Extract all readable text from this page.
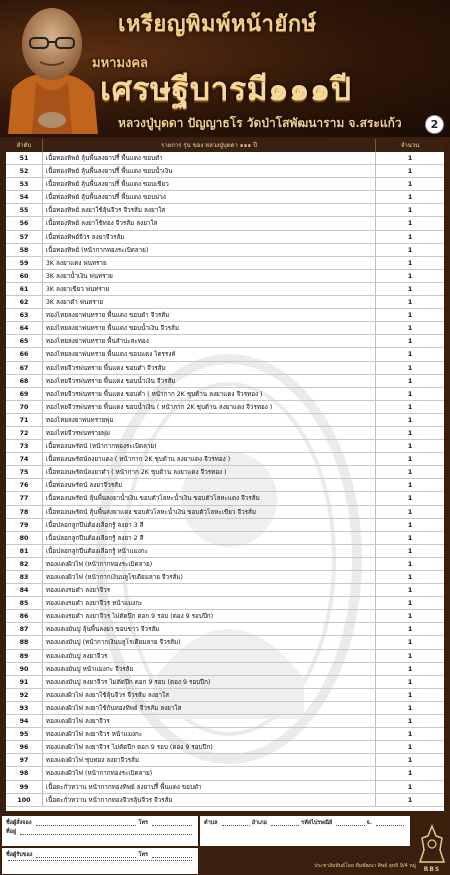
เหรียญพิมพ์หน้ายักษ์
มหามงคล
เศรษฐีบารมี๑๑๑ปี
หลวงปู่บุดดา ปัญญาธโร วัดป่าโสพัฒนาราม จ.สระแก้ว	2
ลำดับ	รายการ รุ่น ของ หลวงปู่บุดดา ๑๑๑ ปี	จำนวน
51	เนื้อทองทิพย์ ลุ้นพื้นลงยาปรี้ พื้นแดง ขอบดำ	1
52	เนื้อทองทิพย์ ลุ้นพื้นลงยาปรี้ พื้นแดง ขอบน้ำเงิน	1
53	เนื้อทองทิพย์ ลุ้นพื้นลงยาปรี้ พื้นแดง ขอบเขียว	1
54	เนื้อทองทิพย์ ลุ้นพื้นลงยาปรี้ พื้นแดง ขอบม่วง	1
55	เนื้อทองทิพย์ ลงยาใช้ลุ้นจีวร จีวรส้ม ลงยาใส	1
56	เนื้อทองทิพย์ ลงยาใช้ทอง จีวรส้ม ลงยาใส	1
57	เนื้อทองทิพย์จีวร ลงยาจีวรส้ม	1
58	เนื้อทองทิพย์ (หน้ากากทองระเบิดลาย)	1
59	3K ลงยาแดง พ่นทราย	1
60	3K ลงยาน้ำเงิน พ่นทราย	1
61	3K ลงยาเขียว พ่นทราย	1
62	3K ลงยาดำ พ่นทราย	1
63	ทองไทยลงยาพ่นทราย พื้นแดง ขอบดำ จีวรส้ม	1
64	ทองไทยลงยาพ่นทราย พื้นแดง ขอบน้ำเงิน จีวรส้ม	1
65	ทองไทยลงยาพ่นทราย พื้นลำปะสะทอง	1
66	ทองไทยลงยาพ่นทราย พื้นแดง ขอบแดง ไตรรงค์	1
67	ทองไทยจีวรพ่นทราย พื้นแดง ขอบดำ จีวรส้ม	1
68	ทองไทยจีวรพ่นทราย พื้นแดง ขอบน้ำเงิน จีวรส้ม	1
69	ทองไทยจีวรพ่นทราย พื้นแดง ขอบดำ ( หน้ากาก 2K ชุบด้าน ลงยาแดง จีวรทอง )	1
70	ทองไทยจีวรพ่นทราย พื้นแดง ขอบน้ำเงิน ( หน้ากาก 2K ชุบด้าน ลงยาแดง จีวรทอง )	1
71	ทองไทยลงยาพ่นทรายพุ่ม	1
72	ทองไทยจีวรพ่นทรายพุ่ม	1
73	เนื้อทองนพรัตน์ (หน้ากากทองระเบิดลาย)	1
74	เนื้อทองนพรัตน์ลงยาแดง ( หน้ากาก 2K ชุบด้าน ลงยาแดง จีวรทอง )	1
75	เนื้อทองนพรัตน์ลงยาดำ ( หน้ากาก 2K ชุบด้าน ลงยาแดง จีวรทอง )	1
76	เนื้อทองนพรัตน์ ลงยาจีวรส้ม	1
77	เนื้อทองนพรัตน์ ลุ้นพื้นลงยาน้ำเงิน ขอบตัวโลหะน้ำเงิน ขอบตัวโลหะแดง จีวรส้ม	1
78	เนื้อทองนพรัตน์ ลุ้นพื้นลงยาแดง ขอบตัวโลหะน้ำเงิน ขอบตัวโลหะเขียว จีวรส้ม	1
79	เนื้อปลอกลูกปืนต้องเลือกรู้ ลงยา 3 สี	1
80	เนื้อปลอกลูกปืนต้องเลือกรู้ ลงยา 2 สี	1
81	เนื้อปลอกลูกปืนต้องเลือกรู้ หน้าแมงกะ	1
82	ทองแดงผิวไฟ (หน้ากากทองระเบิดลาย)	1
83	ทองแดงผิวไฟ (หน้ากากเงินบลูโรเดียมลาย จีวรส้ม)	1
84	ทองแดงรมดำ ลงยาจีวร	1
85	ทองแดงรมดำ ลงยาจีวร หน้าแมงกะ	1
86	ทองแดงรมดำ ลงยาจีวร ไม่ตัดปีก ตอก 9 รอบ (ตอง 9 รอบปีก)	1
87	ทองแดงมันปู ลุ้นพื้นลงยา ขอบขาว จีวรส้ม	1
88	ทองแดงมันปู (หน้ากากเงินบลูโรเดียมลาย จีวรส้ม)	1
89	ทองแดงมันปู ลงยาจีวร	1
90	ทองแดงมันปู หน้าแมงกะ จีวรส้ม	1
91	ทองแดงมันปู ลงยาจีวร ไม่ตัดปีก ตอก 9 รอบ (ตอง 9 รอบปีก)	1
92	ทองแดงผิวไฟ ลงยาใช้ลุ้นจีวร จีวรส้ม ลงยาใส	1
93	ทองแดงผิวไฟ ลงยาใช้ก้นทองทิพย์ จีวรส้ม ลงยาใส	1
94	ทองแดงผิวไฟ ลงยาจีวร	1
95	ทองแดงผิวไฟ ลงยาจีวร หน้าแมงกะ	1
96	ทองแดงผิวไฟ ลงยาจีวร ไม่ตัดปีก ตอก 9 รอบ (ตอง 9 รอบปีก)	1
97	ทองแดงผิวไฟ ชุบทอง ลงยาจีวรส้ม	1
98	ทองแดงผิวไฟ (หน้ากากทองระเบิดลาย)	1
99	เนื้อตะกั่วหวาน หน้ากากทองทิพย์ ลงยาปรี้ พื้นแดง ขอบดำ	1
100	เนื้อตะกั่วหวาน หน้ากากทองจีวรลุ้นจีวร จีวรส้ม	1
ชื่อผู้สั่งจอง	โทร
ที่อยู่
ชื่อผู้รับของ	โทร
ตำบล	อำเภอ	รหัสไปรษณีย์	จ.
ประชาสัมพันธ์โดย ทีมพัฒนา ศิษย์ สุทธิ 9/4 หมู่	RBS
